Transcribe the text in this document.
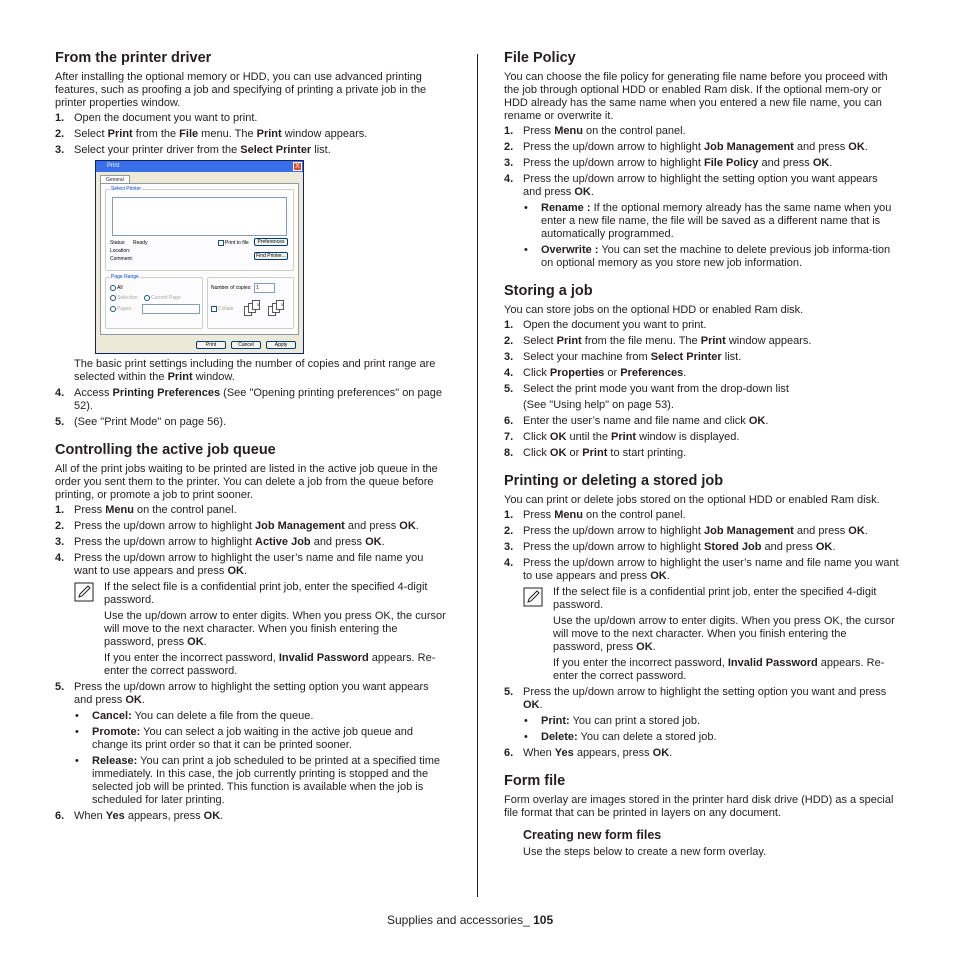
From the printer driver

After installing the optional memory or HDD, you can use advanced printing features, such as proofing a job and specifying of printing a private job in the printer properties window.

1. Open the document you want to print.
2. Select Print from the File menu. The Print window appears.
3. Select your printer driver from the Select Printer list.
Print	X
General
Select Printer
Status: Ready
Location:
Comment:
Print to file	Preferences
Find Printer...
Page Range
All
Selection	Current Page
Pages:
Number of copies: 1
Collate
3	3
Print	Cancel	Apply

The basic print settings including the number of copies and print range are selected within the Print window.

4. Access Printing Preferences (See "Opening printing preferences" on page 52).
5. (See "Print Mode" on page 56).
Controlling the active job queue

All of the print jobs waiting to be printed are listed in the active job queue in the order you sent them to the printer. You can delete a job from the queue before printing, or promote a job to print sooner.

1. Press Menu on the control panel.
2. Press the up/down arrow to highlight Job Management and press OK.
3. Press the up/down arrow to highlight Active Job and press OK.
4. Press the up/down arrow to highlight the user’s name and file name you want to use appears and press OK.

If the select file is a confidential print job, enter the specified 4-digit password.

Use the up/down arrow to enter digits. When you press OK, the cursor will move to the next character. When you finish entering the password, press OK.

If you enter the incorrect password, Invalid Password appears. Re-enter the correct password.

5. Press the up/down arrow to highlight the setting option you want appears and press OK.
• Cancel: You can delete a file from the queue.
• Promote: You can select a job waiting in the active job queue and change its print order so that it can be printed sooner.
• Release: You can print a job scheduled to be printed at a specified time immediately. In this case, the job currently printing is stopped and the selected job will be printed. This function is available when the job is scheduled for later printing.
6. When Yes appears, press OK.
File Policy

You can choose the file policy for generating file name before you proceed with the job through optional HDD or enabled Ram disk. If the optional mem-ory or HDD already has the same name when you entered a new file name, you can rename or overwrite it.

1. Press Menu on the control panel.
2. Press the up/down arrow to highlight Job Management and press OK.
3. Press the up/down arrow to highlight File Policy and press OK.
4. Press the up/down arrow to highlight the setting option you want appears and press OK.
• Rename : If the optional memory already has the same name when you enter a new file name, the file will be saved as a different name that is automatically programmed.
• Overwrite : You can set the machine to delete previous job informa-tion on optional memory as you store new job information.
Storing a job

You can store jobs on the optional HDD or enabled Ram disk.

1. Open the document you want to print.
2. Select Print from the file menu. The Print window appears.
3. Select your machine from Select Printer list.
4. Click Properties or Preferences.
5. Select the print mode you want from the drop-down list

(See "Using help" on page 53).

6. Enter the user’s name and file name and click OK.
7. Click OK until the Print window is displayed.
8. Click OK or Print to start printing.
Printing or deleting a stored job

You can print or delete jobs stored on the optional HDD or enabled Ram disk.

1. Press Menu on the control panel.
2. Press the up/down arrow to highlight Job Management and press OK.
3. Press the up/down arrow to highlight Stored Job and press OK.
4. Press the up/down arrow to highlight the user’s name and file name you want to use appears and press OK.

If the select file is a confidential print job, enter the specified 4-digit password.

Use the up/down arrow to enter digits. When you press OK, the cursor will move to the next character. When you finish entering the password, press OK.

If you enter the incorrect password, Invalid Password appears. Re-enter the correct password.

5. Press the up/down arrow to highlight the setting option you want and press OK.
• Print: You can print a stored job.
• Delete: You can delete a stored job.
6. When Yes appears, press OK.
Form file

Form overlay are images stored in the printer hard disk drive (HDD) as a special file format that can be printed in layers on any document.

Creating new form files

Use the steps below to create a new form overlay.

Supplies and accessories_ 105
